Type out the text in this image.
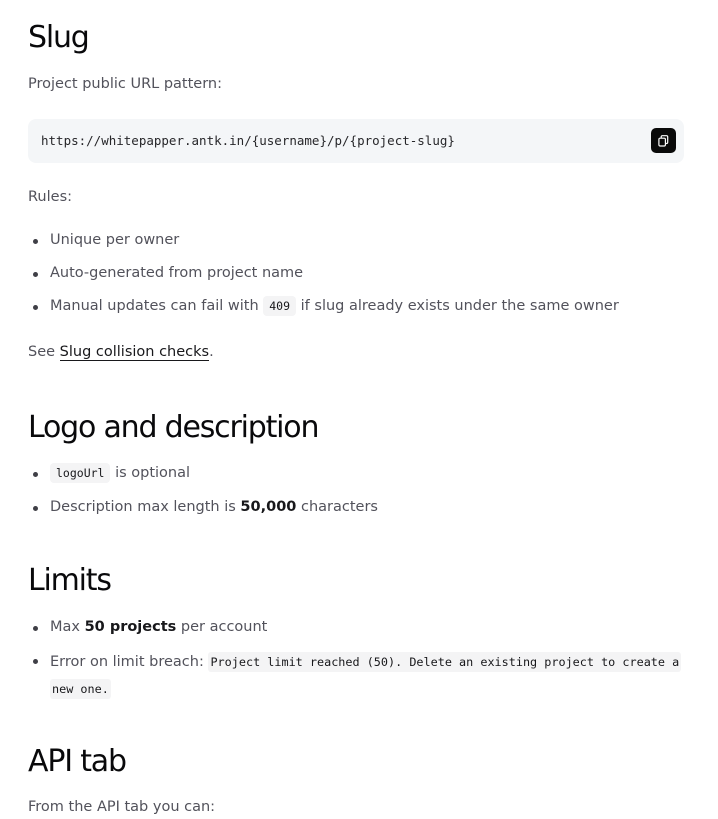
Slug

Project public URL pattern:

https://whitepapper.antk.in/{username}/p/{project-slug}

Rules:

Unique per owner
Auto-generated from project name
Manual updates can fail with 409 if slug already exists under the same owner

See Slug collision checks.

Logo and description
logoUrl is optional
Description max length is 50,000 characters
Limits
Max 50 projects per account
Error on limit breach: Project limit reached (50). Delete an existing project to create a new one.
API tab

From the API tab you can:
